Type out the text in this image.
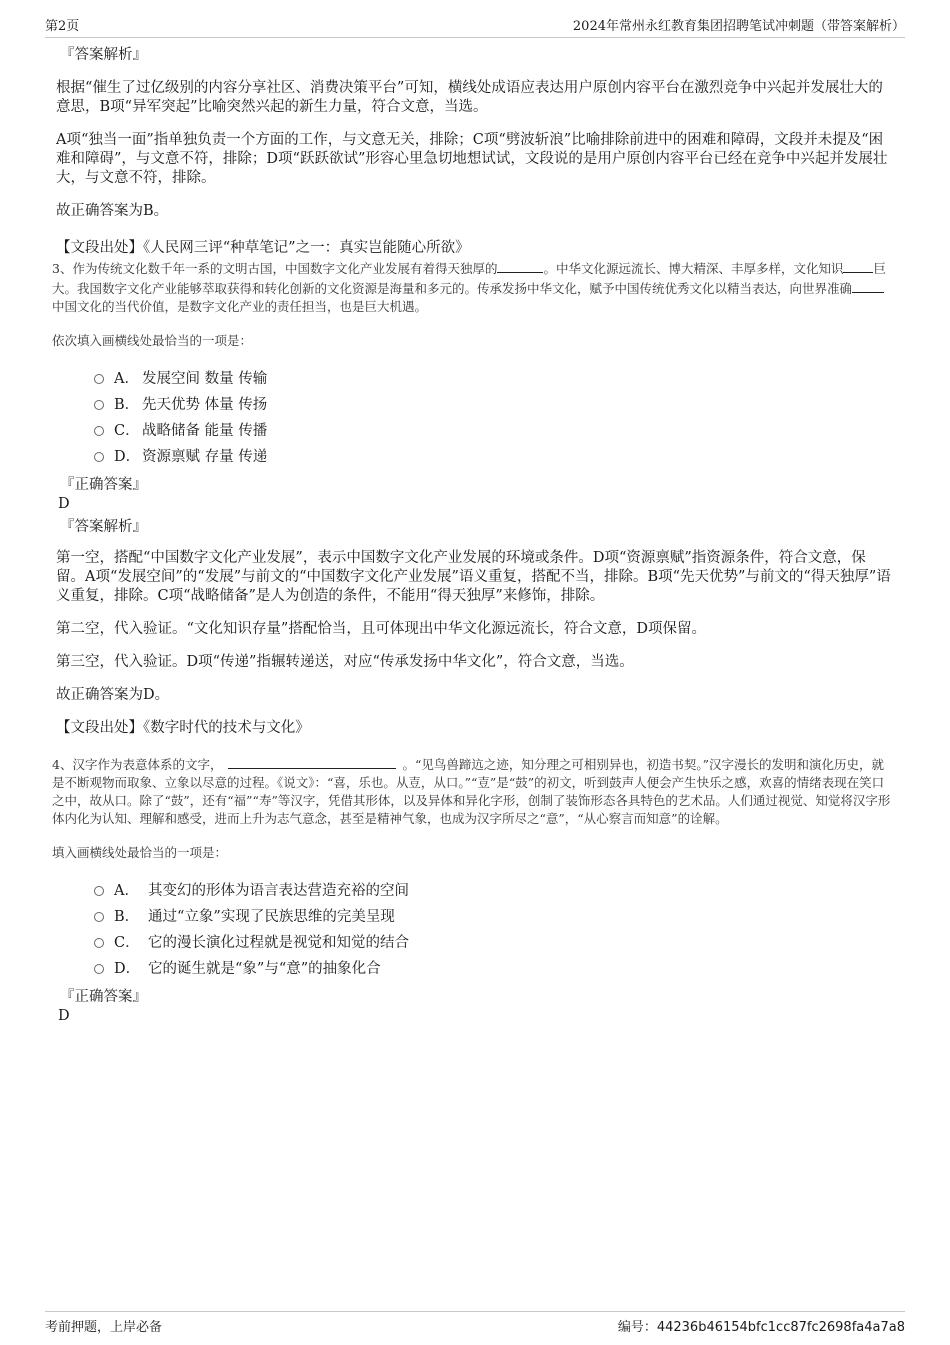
第2页	2024年常州永红教育集团招聘笔试冲刺题（带答案解析）

『答案解析』

根据“催生了过亿级别的内容分享社区、消费决策平台”可知，横线处成语应表达用户原创内容平台在激烈竞争中兴起并发展壮大的意思，B项“异军突起”比喻突然兴起的新生力量，符合文意，当选。

A项“独当一面”指单独负责一个方面的工作，与文意无关，排除；C项“劈波斩浪”比喻排除前进中的困难和障碍，文段并未提及“困难和障碍”，与文意不符，排除；D项“跃跃欲试”形容心里急切地想试试，文段说的是用户原创内容平台已经在竞争中兴起并发展壮大，与文意不符，排除。

故正确答案为B。

【文段出处】《人民网三评“种草笔记”之一：真实岂能随心所欲》

3、作为传统文化数千年一系的文明古国，中国数字文化产业发展有着得天独厚的	。中华文化源远流长、博大精深、丰厚多样，文化知识 巨大。我国数字文化产业能够萃取获得和转化创新的文化资源是海量和多元的。传承发扬中华文化，赋予中国传统优秀文化以精当表达，向世界准确中国文化的当代价值，是数字文化产业的责任担当，也是巨大机遇。

依次填入画横线处最恰当的一项是：

A． 发展空间 数量 传输
B． 先天优势 体量 传扬
C． 战略储备 能量 传播
D． 资源禀赋 存量 传递

『正确答案』

D

『答案解析』

第一空，搭配“中国数字文化产业发展”，表示中国数字文化产业发展的环境或条件。D项“资源禀赋”指资源条件，符合文意，保留。A项“发展空间”的“发展”与前文的“中国数字文化产业发展”语义重复，搭配不当，排除。B项“先天优势”与前文的“得天独厚”语义重复，排除。C项“战略储备”是人为创造的条件，不能用“得天独厚”来修饰，排除。

第二空，代入验证。“文化知识存量”搭配恰当，且可体现出中华文化源远流长，符合文意，D项保留。

第三空，代入验证。D项“传递”指辗转递送，对应“传承发扬中华文化”，符合文意，当选。

故正确答案为D。

【文段出处】《数字时代的技术与文化》

4、汉字作为表意体系的文字，	。“见鸟兽蹄迒之迹，知分理之可相别异也，初造书契。”汉字漫长的发明和演化历史，就是不断观物而取象、立象以尽意的过程。《说文》：“喜，乐也。从壴，从口。”“壴”是“鼓”的初文，听到鼓声人便会产生快乐之感，欢喜的情绪表现在笑口之中，故从口。除了“鼓”，还有“福”“寿”等汉字，凭借其形体，以及异体和异化字形，创制了装饰形态各具特色的艺术品。人们通过视觉、知觉将汉字形体内化为认知、理解和感受，进而上升为志气意念，甚至是精神气象，也成为汉字所尽之“意”，“从心察言而知意”的诠解。

填入画横线处最恰当的一项是：

A． 其变幻的形体为语言表达营造充裕的空间
B． 通过“立象”实现了民族思维的完美呈现
C． 它的漫长演化过程就是视觉和知觉的结合
D． 它的诞生就是“象”与“意”的抽象化合

『正确答案』

D

考前押题，上岸必备	编号：44236b46154bfc1cc87fc2698fa4a7a8
